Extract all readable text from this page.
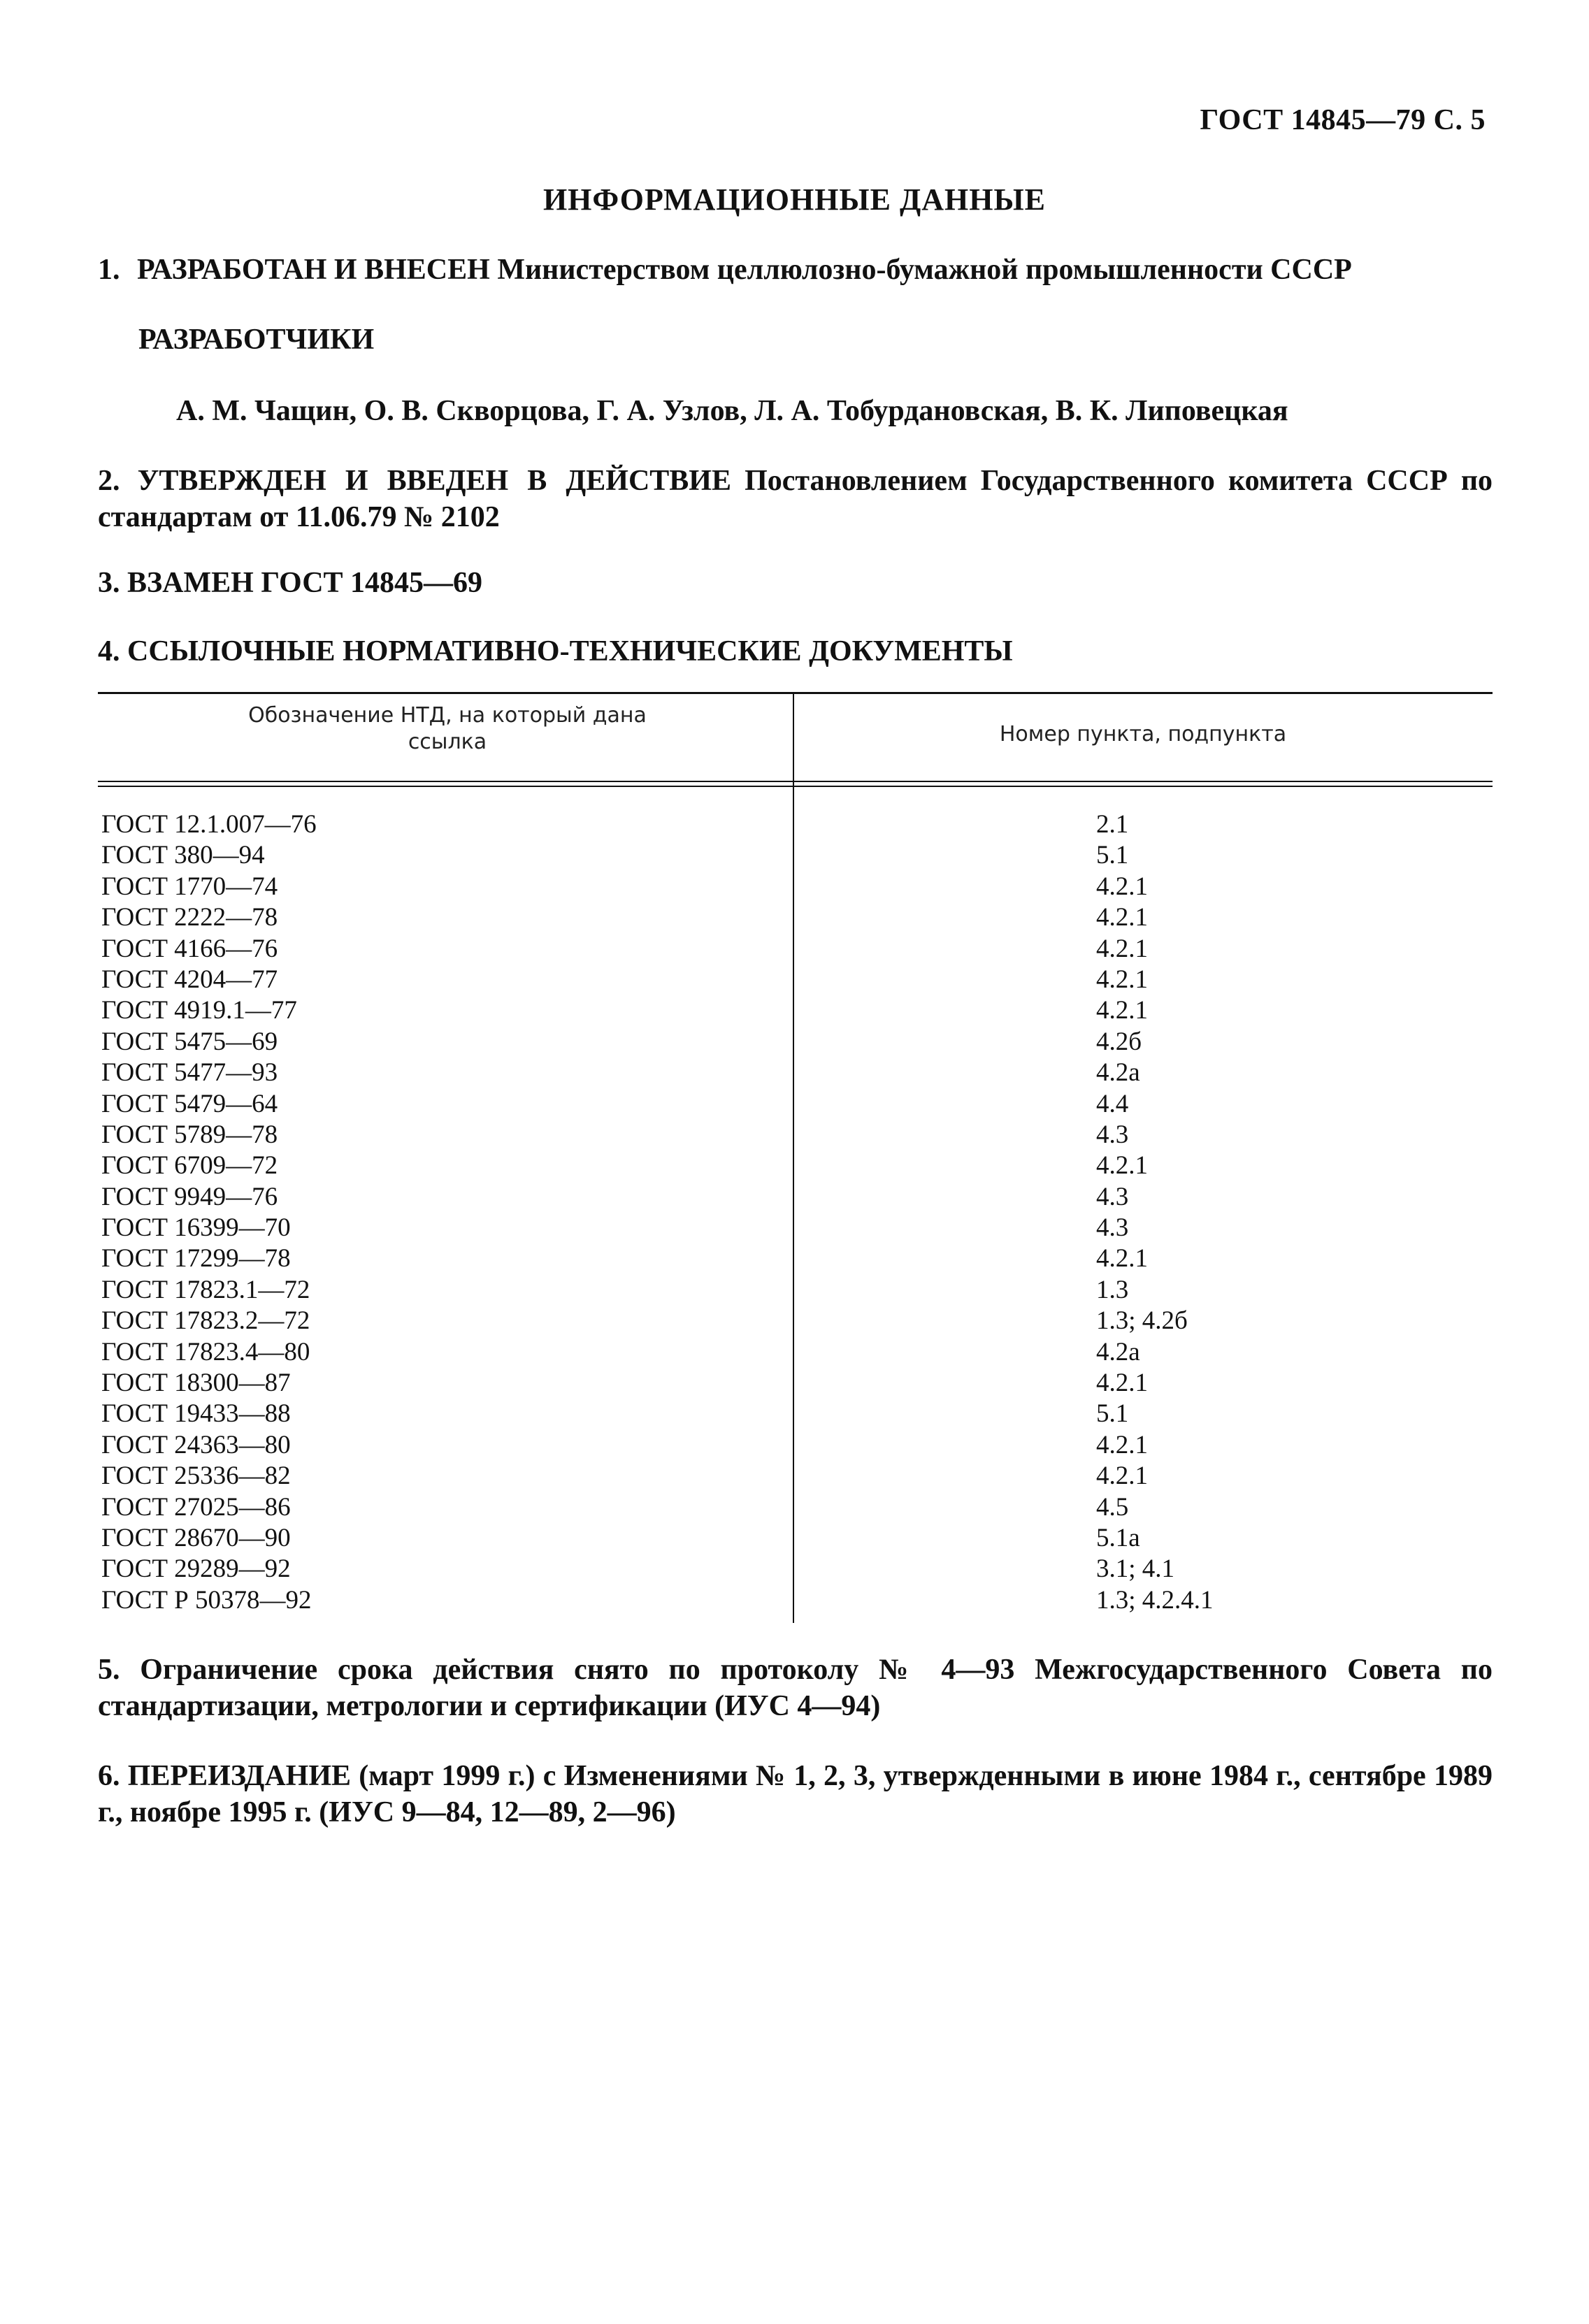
ГОСТ 14845—79 С. 5
ИНФОРМАЦИОННЫЕ ДАННЫЕ
1. РАЗРАБОТАН И ВНЕСЕН Министерством целлюлозно-бумажной промышленности СССР
РАЗРАБОТЧИКИ
А. М. Чащин, О. В. Скворцова, Г. А. Узлов, Л. А. Тобурдановская, В. К. Липовецкая
2. УТВЕРЖДЕН И ВВЕДЕН В ДЕЙСТВИЕ Постановлением Государственного комитета СССР по стандартам от 11.06.79 № 2102
3. ВЗАМЕН ГОСТ 14845—69
4. ССЫЛОЧНЫЕ НОРМАТИВНО-ТЕХНИЧЕСКИЕ ДОКУМЕНТЫ
Обозначение НТД, на который дана ссылка	Номер пункта, подпункта
ГОСТ 12.1.007—76
ГОСТ 380—94
ГОСТ 1770—74
ГОСТ 2222—78
ГОСТ 4166—76
ГОСТ 4204—77
ГОСТ 4919.1—77
ГОСТ 5475—69
ГОСТ 5477—93
ГОСТ 5479—64
ГОСТ 5789—78
ГОСТ 6709—72
ГОСТ 9949—76
ГОСТ 16399—70
ГОСТ 17299—78
ГОСТ 17823.1—72
ГОСТ 17823.2—72
ГОСТ 17823.4—80
ГОСТ 18300—87
ГОСТ 19433—88
ГОСТ 24363—80
ГОСТ 25336—82
ГОСТ 27025—86
ГОСТ 28670—90
ГОСТ 29289—92
ГОСТ Р 50378—92
2.1
5.1
4.2.1
4.2.1
4.2.1
4.2.1
4.2.1
4.2б
4.2а
4.4
4.3
4.2.1
4.3
4.3
4.2.1
1.3
1.3; 4.2б
4.2а
4.2.1
5.1
4.2.1
4.2.1
4.5
5.1а
3.1; 4.1
1.3; 4.2.4.1
5. Ограничение срока действия снято по протоколу № 4—93 Межгосударственного Совета по стандартизации, метрологии и сертификации (ИУС 4—94)
6. ПЕРЕИЗДАНИЕ (март 1999 г.) с Изменениями № 1, 2, 3, утвержденными в июне 1984 г., сентябре 1989 г., ноябре 1995 г. (ИУС 9—84, 12—89, 2—96)
